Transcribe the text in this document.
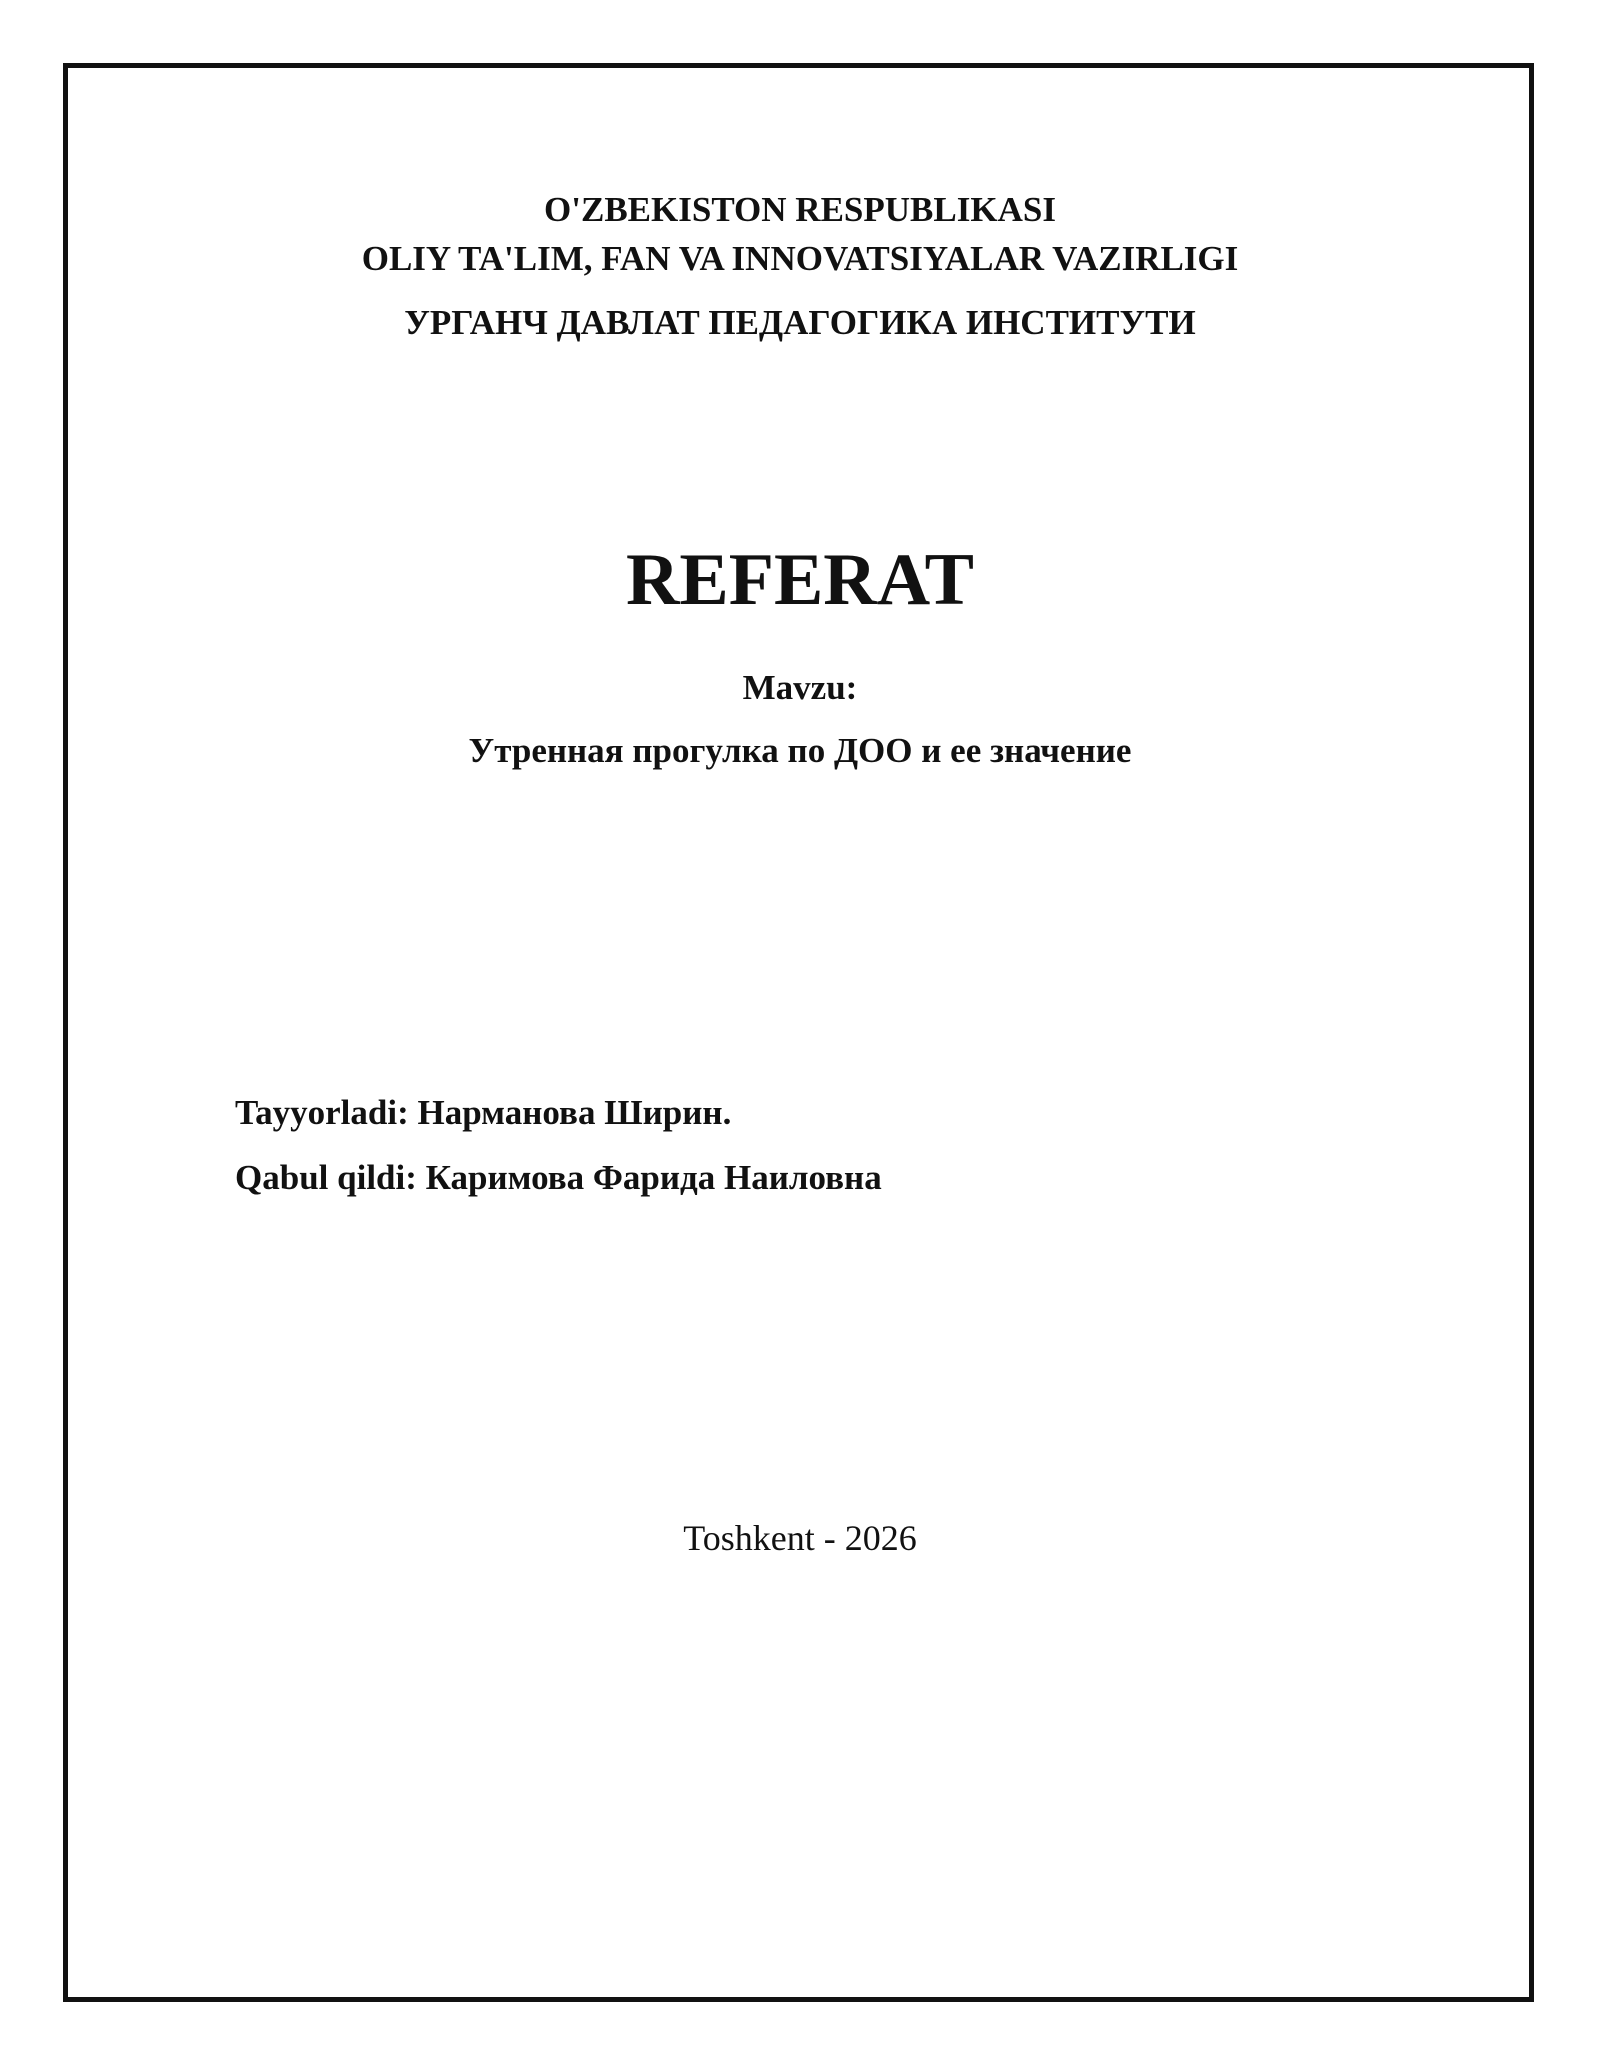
O'ZBEKISTON RESPUBLIKASI
OLIY TA'LIM, FAN VA INNOVATSIYALAR VAZIRLIGI
УРГАНЧ ДАВЛАТ ПЕДАГОГИКА ИНСТИТУТИ
REFERAT
Mavzu:
Утренная прогулка по ДОО и ее значение
Tayyorladi: Нарманова Ширин.
Qabul qildi: Каримова Фарида Наиловна
Toshkent - 2026
